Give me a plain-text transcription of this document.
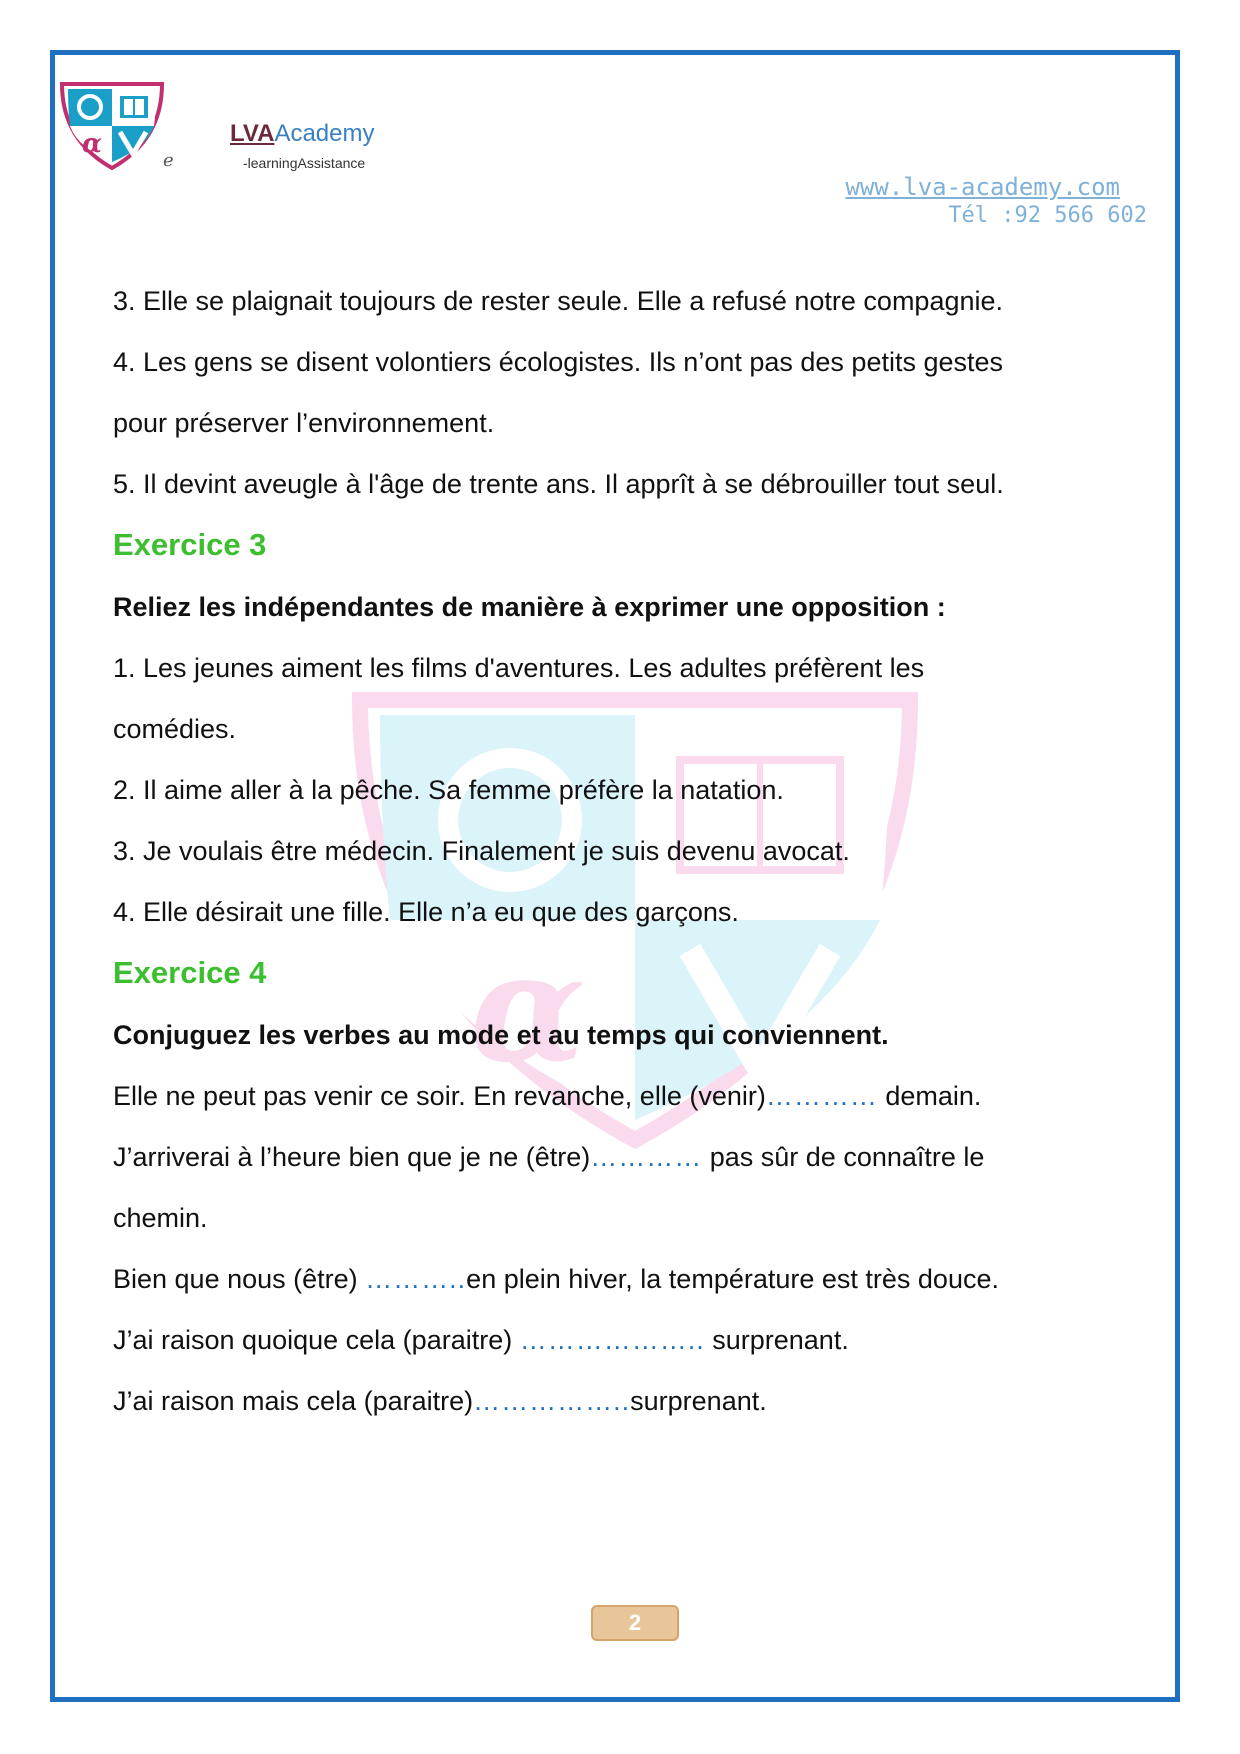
α
e
LVAAcademy
-learningAssistance
www.lva-academy.com
Tél :92 566 602
α
3. Elle se plaignait toujours de rester seule. Elle a refusé notre compagnie.
4. Les gens se disent volontiers écologistes. Ils n’ont pas des petits gestes
pour préserver l’environnement.
5. Il devint aveugle à l'âge de trente ans. Il apprît à se débrouiller tout seul.
Exercice 3
Reliez les indépendantes de manière à exprimer une opposition :
1. Les jeunes aiment les films d'aventures. Les adultes préfèrent les
comédies.
2. Il aime aller à la pêche. Sa femme préfère la natation.
3. Je voulais être médecin. Finalement je suis devenu avocat.
4. Elle désirait une fille. Elle n’a eu que des garçons.
Exercice 4
Conjuguez les verbes au mode et au temps qui conviennent.
Elle ne peut pas venir ce soir. En revanche, elle (venir)………… demain.
J’arriverai à l’heure bien que je ne (être)………… pas sûr de connaître le
chemin.
Bien que nous (être) ………..en plein hiver, la température est très douce.
J’ai raison quoique cela (paraitre) ……………….. surprenant.
J’ai raison mais cela (paraitre)……………..surprenant.
2
